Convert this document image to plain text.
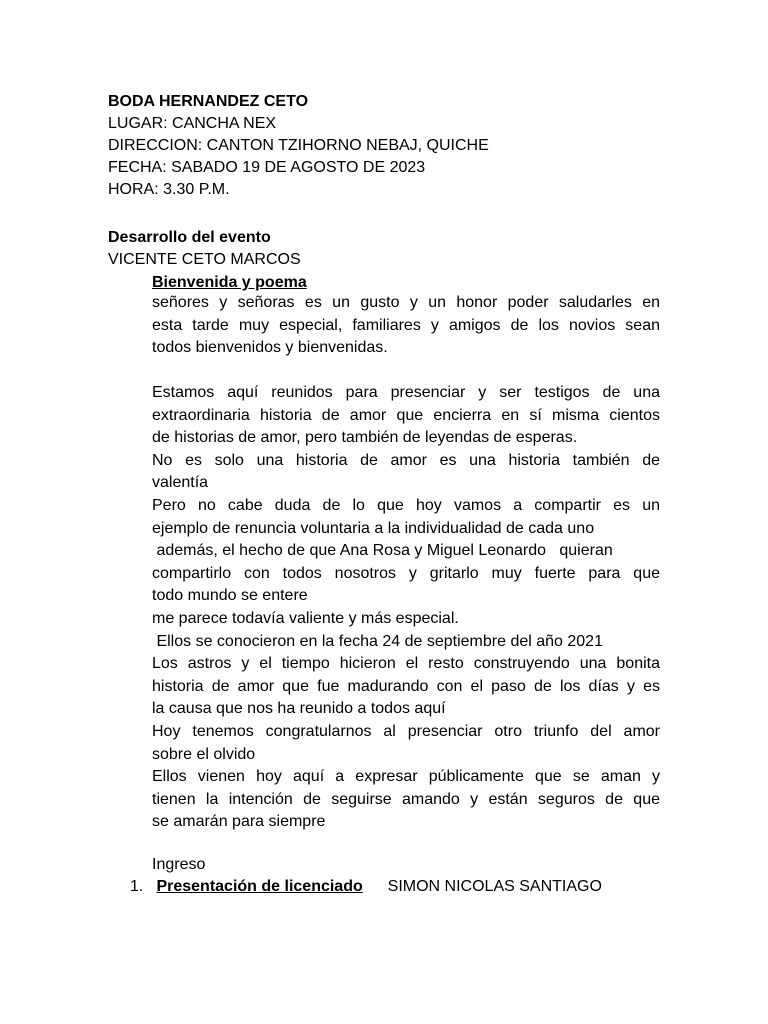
BODA HERNANDEZ CETO
LUGAR: CANCHA NEX
DIRECCION: CANTON TZIHORNO NEBAJ, QUICHE
FECHA: SABADO 19 DE AGOSTO DE 2023
HORA: 3.30 P.M.
Desarrollo del evento
VICENTE CETO MARCOS
Bienvenida y poema
señores y señoras es un gusto y un honor poder saludarles en
esta tarde muy especial, familiares y amigos de los novios sean
todos bienvenidos y bienvenidas.
Estamos aquí reunidos para presenciar y ser testigos de una
extraordinaria historia de amor que encierra en sí misma cientos
de historias de amor, pero también de leyendas de esperas.
No es solo una historia de amor es una historia también de
valentía
Pero no cabe duda de lo que hoy vamos a compartir es un
ejemplo de renuncia voluntaria a la individualidad de cada uno
además, el hecho de que Ana Rosa y Miguel Leonardo   quieran
compartirlo con todos nosotros y gritarlo muy fuerte para que
todo mundo se entere
me parece todavía valiente y más especial.
Ellos se conocieron en la fecha 24 de septiembre del año 2021
Los astros y el tiempo hicieron el resto construyendo una bonita
historia de amor que fue madurando con el paso de los días y es
la causa que nos ha reunido a todos aquí
Hoy tenemos congratularnos al presenciar otro triunfo del amor
sobre el olvido
Ellos vienen hoy aquí a expresar públicamente que se aman y
tienen la intención de seguirse amando y están seguros de que
se amarán para siempre
Ingreso
1. Presentación de licenciado SIMON NICOLAS SANTIAGO
